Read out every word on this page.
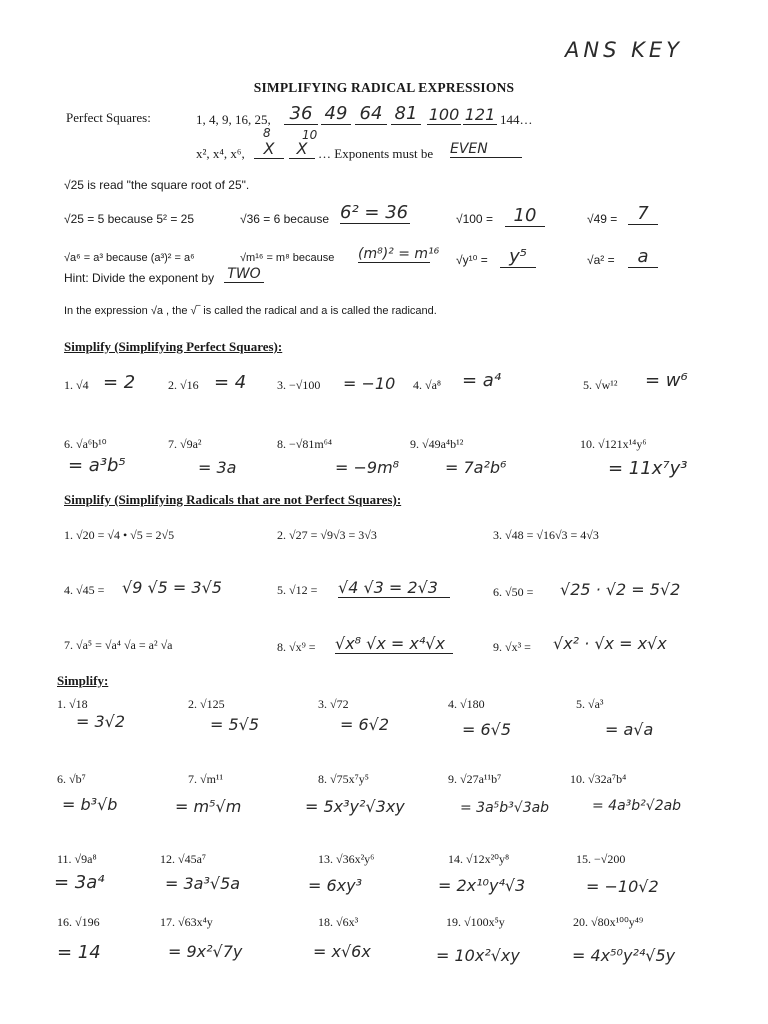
ANS KEY
SIMPLIFYING RADICAL EXPRESSIONS
Perfect Squares:	1, 4, 9, 16, 25,	36 49 64 81 100 121 144…
x², x⁴, x⁶,
8	10
X	X … Exponents must be EVEN
√25 is read "the square root of 25".
√25 = 5 because 5² = 25	√36 = 6 because 6² = 36	√100 =	10	√49 =	7
√a⁶ = a³ because (a³)² = a⁶	√m¹⁶ = m⁸ because (m⁸)² = m¹⁶ √y¹⁰ =	y⁵	√a² =	a
Hint: Divide the exponent by TWO
In the expression √a , the √‾ is called the radical and a is called the radicand.
Simplify (Simplifying Perfect Squares):
1. √4 = 2	2. √16 = 4	3. −√100 = −10 4. √a⁸ = a⁴	5. √w¹² = w⁶
6. √a⁶b¹⁰
= a³b⁵
7. √9a²
= 3a
8. −√81m⁶⁴
= −9m⁸
9. √49a⁴b¹²
= 7a²b⁶
10. √121x¹⁴y⁶
= 11x⁷y³
Simplify (Simplifying Radicals that are not Perfect Squares):
1. √20 = √4 • √5 = 2√5	2. √27 = √9√3 = 3√3	3. √48 = √16√3 = 4√3
4. √45 = √9 √5 = 3√5	5. √12 = √4 √3 = 2√3	6. √50 = √25 · √2 = 5√2
7. √a⁵ = √a⁴ √a = a² √a	8. √x⁹ = √x⁸ √x = x⁴√x	9. √x³ = √x² · √x = x√x
Simplify:
1. √18
= 3√2
2. √125
= 5√5
3. √72
= 6√2
4. √180
= 6√5
5. √a³
= a√a
6. √b⁷
= b³√b
7. √m¹¹
= m⁵√m
8. √75x⁷y⁵
= 5x³y²√3xy
9. √27a¹¹b⁷
= 3a⁵b³√3ab
10. √32a⁷b⁴
= 4a³b²√2ab
11. √9a⁸
= 3a⁴
12. √45a⁷
= 3a³√5a
13. √36x²y⁶
= 6xy³
14. √12x²⁰y⁸
= 2x¹⁰y⁴√3
15. −√200
= −10√2
16. √196
= 14
17. √63x⁴y
= 9x²√7y
18. √6x³
= x√6x
19. √100x⁵y
= 10x²√xy
20. √80x¹⁰⁰y⁴⁹
= 4x⁵⁰y²⁴√5y
